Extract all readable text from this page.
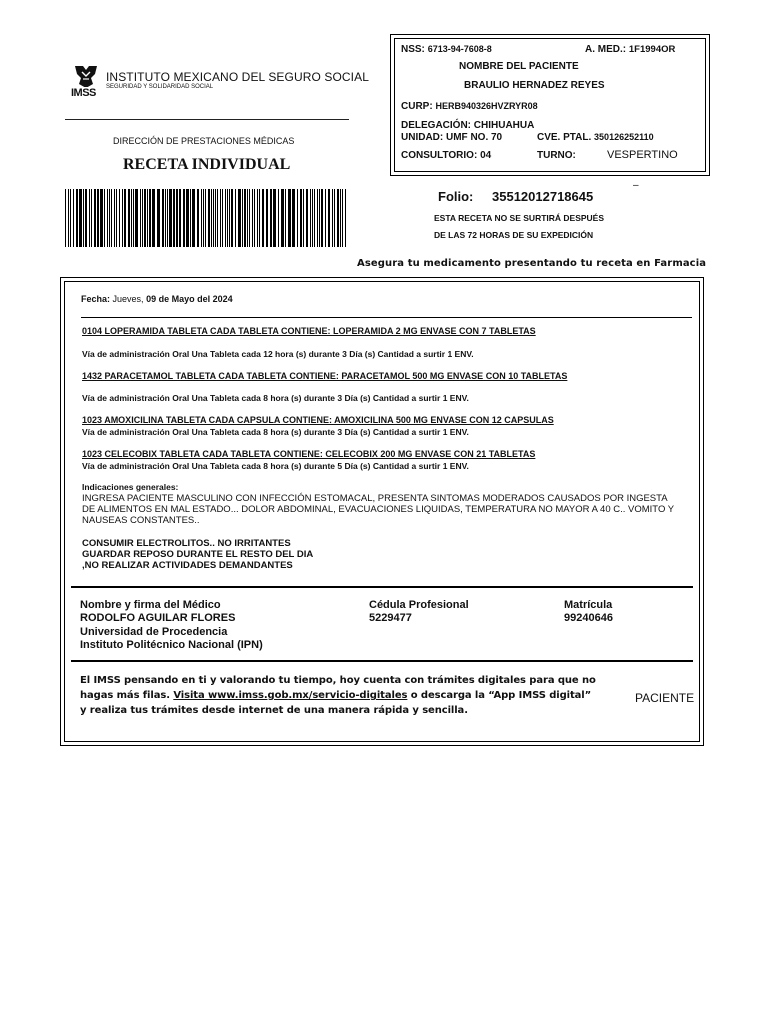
IMSS
INSTITUTO MEXICANO DEL SEGURO SOCIAL
SEGURIDAD Y SOLIDARIDAD SOCIAL
DIRECCIÓN DE PRESTACIONES MÉDICAS
RECETA INDIVIDUAL
NSS: 6713-94-7608-8	A. MED.: 1F1994OR
NOMBRE DEL PACIENTE
BRAULIO HERNADEZ REYES
CURP: HERB940326HVZRYR08
DELEGACIÓN: CHIHUAHUA
UNIDAD: UMF NO. 70	CVE. PTAL. 350126252110
CONSULTORIO: 04	TURNO:	VESPERTINO
Folio: 35512012718645
–
ESTA RECETA NO SE SURTIRÁ DESPUÉS
DE LAS 72 HORAS DE SU EXPEDICIÓN
Asegura tu medicamento presentando tu receta en Farmacia
Fecha: Jueves, 09 de Mayo del 2024
0104 LOPERAMIDA TABLETA CADA TABLETA CONTIENE: LOPERAMIDA 2 MG ENVASE CON 7 TABLETAS
Vía de administración Oral Una Tableta cada 12 hora (s) durante 3 Día (s) Cantidad a surtir 1 ENV.
1432 PARACETAMOL TABLETA CADA TABLETA CONTIENE: PARACETAMOL 500 MG ENVASE CON 10 TABLETAS
Vía de administración Oral Una Tableta cada 8 hora (s) durante 3 Día (s) Cantidad a surtir 1 ENV.
1023 AMOXICILINA TABLETA CADA CAPSULA CONTIENE: AMOXICILINA 500 MG ENVASE CON 12 CAPSULAS
Vía de administración Oral Una Tableta cada 8 hora (s) durante 3 Día (s) Cantidad a surtir 1 ENV.
1023 CELECOBIX TABLETA CADA TABLETA CONTIENE: CELECOBIX 200 MG ENVASE CON 21 TABLETAS
Vía de administración Oral Una Tableta cada 8 hora (s) durante 5 Día (s) Cantidad a surtir 1 ENV.
Indicaciones generales:
INGRESA PACIENTE MASCULINO CON INFECCIÓN ESTOMACAL, PRESENTA SINTOMAS MODERADOS CAUSADOS POR INGESTA DE ALIMENTOS EN MAL ESTADO... DOLOR ABDOMINAL, EVACUACIONES LIQUIDAS, TEMPERATURA NO MAYOR A 40 C.. VOMITO Y NAUSEAS CONSTANTES..
CONSUMIR ELECTROLITOS.. NO IRRITANTES
GUARDAR REPOSO DURANTE EL RESTO DEL DIA
,NO REALIZAR ACTIVIDADES DEMANDANTES
Nombre y firma del Médico
RODOLFO AGUILAR FLORES
Universidad de Procedencia
Instituto Politécnico Nacional (IPN)
Cédula Profesional
5229477
Matrícula
99240646
El IMSS pensando en ti y valorando tu tiempo, hoy cuenta con trámites digitales para que no
hagas más filas. Visita www.imss.gob.mx/servicio-digitales o descarga la “App IMSS digital”
y realiza tus trámites desde internet de una manera rápida y sencilla.
PACIENTE
